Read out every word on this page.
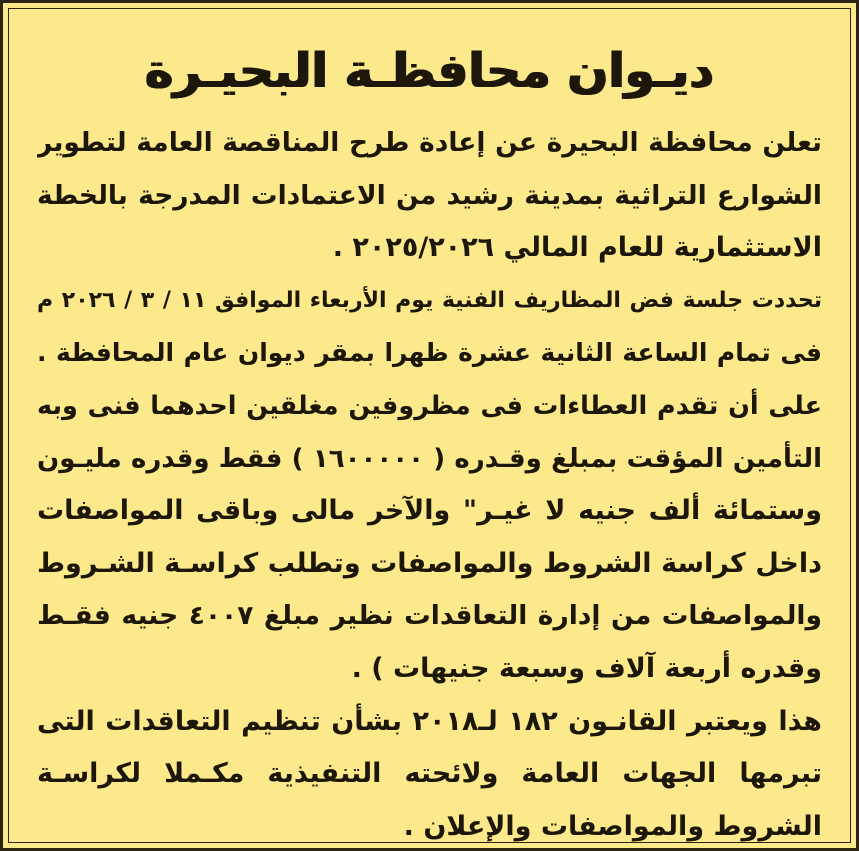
ديـوان محافظـة البحيـرة
تعلن محافظة البحيرة عن إعادة طرح المناقصة العامة لتطوير
الشوارع التراثية بمدينة رشيد من الاعتمادات المدرجة بالخطة
الاستثمارية للعام المالي ٢٠٢٥/٢٠٢٦ .
تحددت جلسة فض المظاريف الفنية يوم الأربعاء الموافق ١١ / ٣ / ٢٠٢٦ م
فى تمام الساعة الثانية عشرة ظهرا بمقر ديوان عام المحافظة .
على أن تقدم العطاءات فى مظروفين مغلقين احدهما فنى وبه
التأمين المؤقت بمبلغ وقـدره ( ١٦٠٠٠٠٠ ) فقط وقدره مليـون
وستمائة ألف جنيه لا غيـر" والآخر مالى وباقى المواصفات
داخل كراسة الشروط والمواصفات وتطلب كراسـة الشـروط
والمواصفات من إدارة التعاقدات نظير مبلغ ٤٠٠٧ جنيه فقـط
وقدره أربعة آلاف وسبعة جنيهات ) .
هذا ويعتبر القانـون ١٨٢ لـ٢٠١٨ بشأن تنظيم التعاقدات التى
تبرمها الجهات العامة ولائحته التنفيذية مكـملا لكراسـة
الشروط والمواصفات والإعلان .
